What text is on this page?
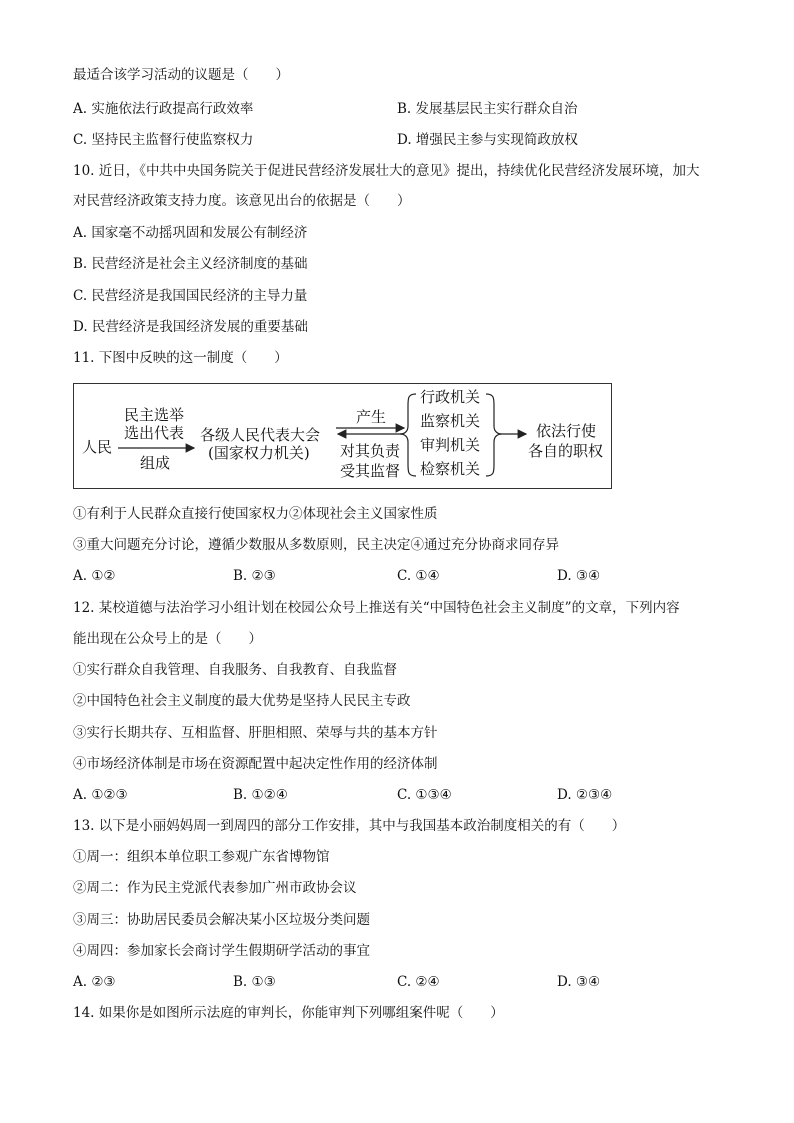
最适合该学习活动的议题是（　　）
A. 实施依法行政提高行政效率	B. 发展基层民主实行群众自治
C. 坚持民主监督行使监察权力	D. 增强民主参与实现简政放权
10. 近日，《中共中央国务院关于促进民营经济发展壮大的意见》提出，持续优化民营经济发展环境，加大
对民营经济政策支持力度。该意见出台的依据是（　　）
A. 国家毫不动摇巩固和发展公有制经济
B. 民营经济是社会主义经济制度的基础
C. 民营经济是我国国民经济的主导力量
D. 民营经济是我国经济发展的重要基础
11. 下图中反映的这一制度（　　）
人民
民主选举
选出代表
组成
各级人民代表大会
(国家权力机关)
产生
对其负责
受其监督
行政机关
监察机关
审判机关
检察机关
依法行使
各自的职权
①有利于人民群众直接行使国家权力②体现社会主义国家性质
③重大问题充分讨论，遵循少数服从多数原则，民主决定④通过充分协商求同存异
A. ①②	B. ②③	C. ①④	D. ③④
12. 某校道德与法治学习小组计划在校园公众号上推送有关“中国特色社会主义制度”的文章，下列内容
能出现在公众号上的是（　　）
①实行群众自我管理、自我服务、自我教育、自我监督
②中国特色社会主义制度的最大优势是坚持人民民主专政
③实行长期共存、互相监督、肝胆相照、荣辱与共的基本方针
④市场经济体制是市场在资源配置中起决定性作用的经济体制
A. ①②③	B. ①②④	C. ①③④	D. ②③④
13. 以下是小丽妈妈周一到周四的部分工作安排，其中与我国基本政治制度相关的有（　　）
①周一：组织本单位职工参观广东省博物馆
②周二：作为民主党派代表参加广州市政协会议
③周三：协助居民委员会解决某小区垃圾分类问题
④周四：参加家长会商讨学生假期研学活动的事宜
A. ②③	B. ①③	C. ②④	D. ③④
14. 如果你是如图所示法庭的审判长，你能审判下列哪组案件呢（　　）
